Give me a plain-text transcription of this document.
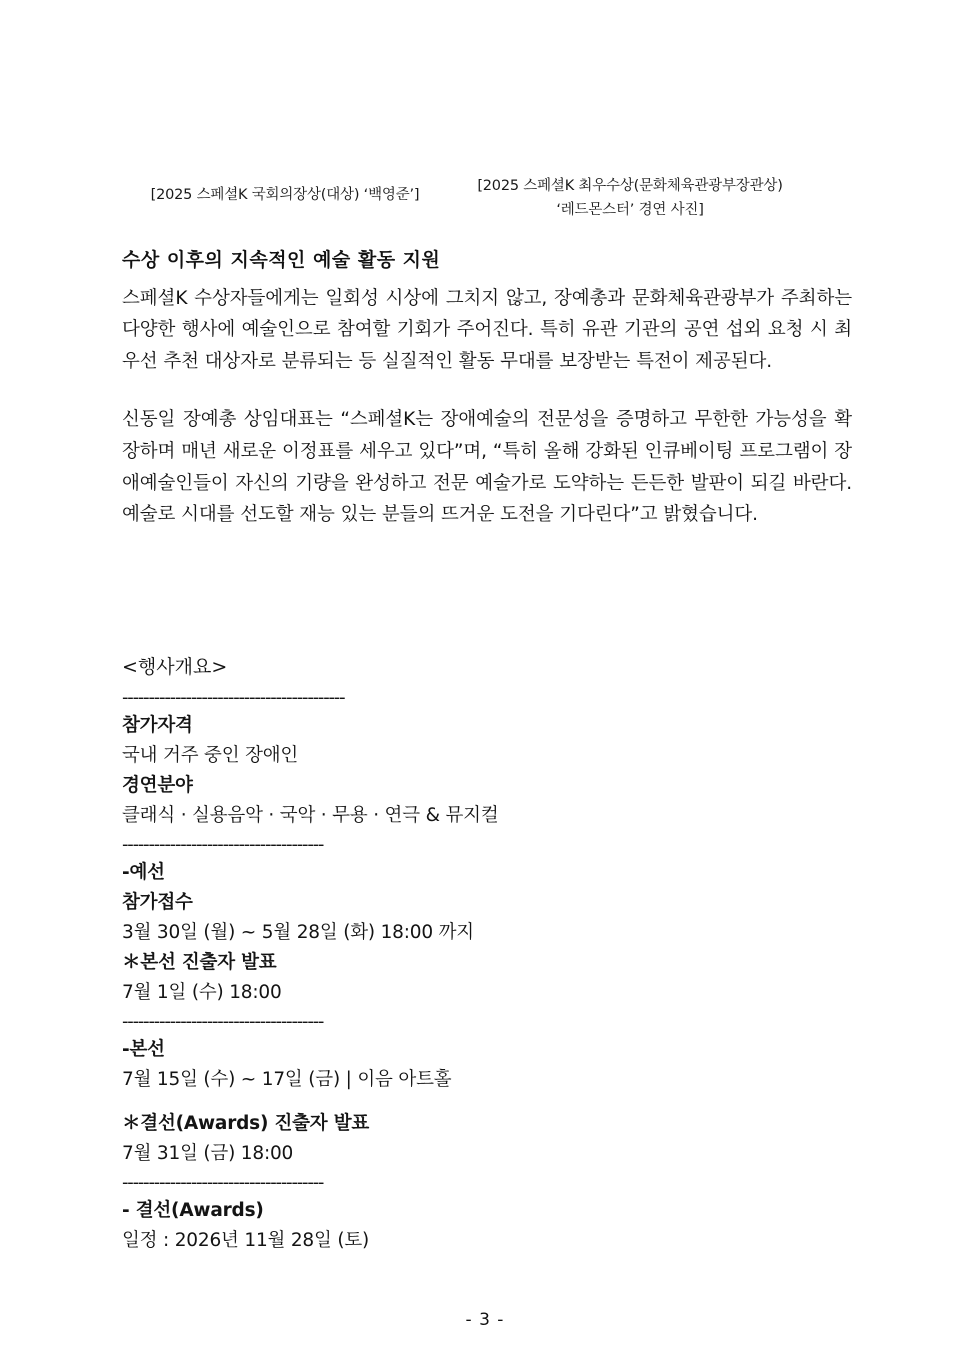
[2025 스페셜K 국회의장상(대상) ‘백영준’]
[2025 스페셜K 최우수상(문화체육관광부장관상)
‘레드몬스터’ 경연 사진]
수상 이후의 지속적인 예술 활동 지원

스페셜K 수상자들에게는 일회성 시상에 그치지 않고, 장예총과 문화체육관광부가 주최하는 다양한 행사에 예술인으로 참여할 기회가 주어진다. 특히 유관 기관의 공연 섭외 요청 시 최우선 추천 대상자로 분류되는 등 실질적인 활동 무대를 보장받는 특전이 제공된다.

신동일 장예총 상임대표는 “스페셜K는 장애예술의 전문성을 증명하고 무한한 가능성을 확장하며 매년 새로운 이정표를 세우고 있다”며, “특히 올해 강화된 인큐베이팅 프로그램이 장애예술인들이 자신의 기량을 완성하고 전문 예술가로 도약하는 든든한 발판이 되길 바란다. 예술로 시대를 선도할 재능 있는 분들의 뜨거운 도전을 기다린다”고 밝혔습니다.

<행사개요>
------------------------------------------
참가자격
국내 거주 중인 장애인
경연분야
클래식 · 실용음악 · 국악 · 무용 · 연극 & 뮤지컬
--------------------------------------
-예선
참가접수
3월 30일 (월) ~ 5월 28일 (화) 18:00 까지
＊본선 진출자 발표
7월 1일 (수) 18:00
--------------------------------------
-본선
7월 15일 (수) ~ 17일 (금) | 이음 아트홀
＊결선(Awards) 진출자 발표
7월 31일 (금) 18:00
--------------------------------------
- 결선(Awards)
일정 : 2026년 11월 28일 (토)
- 3 -
